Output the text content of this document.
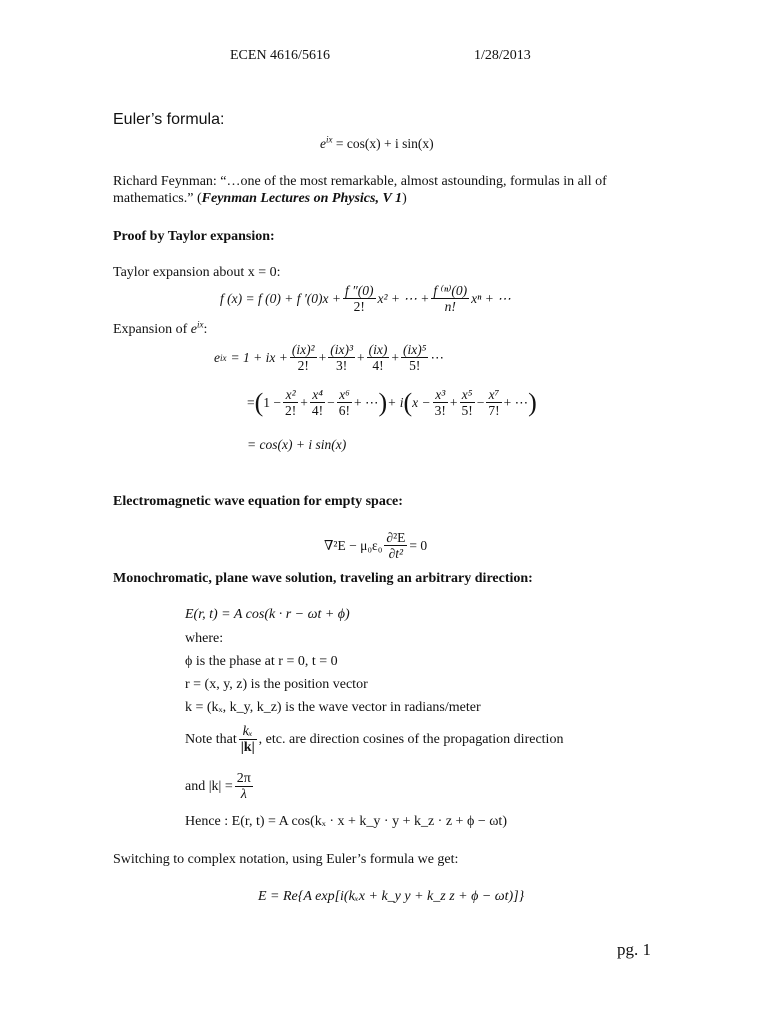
ECEN 4616/5616	1/28/2013
Euler’s formula:
$e^{ix} = \cos(x) + i$ sin(x)
Richard Feynman: “…one of the most remarkable, almost astounding, formulas in all of
mathematics.” (Feynman Lectures on Physics, V 1)
Proof by Taylor expansion:
Taylor expansion about x = 0:
f (x) = f (0) + f $'(0)x + \frac{f ''(0)}{2!} x^2$ + ⋯ + $\frac{\text{f ⁽ⁿ⁾(0)}}{n!}$ xⁿ + ⋯
Expansion of $e^{ix}$:
e ix = 1 + ix + $\frac{\text{(ix)²}}{2!} + \frac{\text{(ix)³}}{3!} + \frac{(ix)}{4!} + \frac{\text{(ix)⁵}}{5!}$ ⋯
= ( $1 - \frac{\text{x²}}{2!} + \frac{\text{x⁴}}{4!} - \frac{\text{x⁶}}{6!}$ + ⋯ ) + i ( $x - \frac{\text{x³}}{3!} + \frac{\text{x⁵}}{5!} - \frac{\text{x⁷}}{7!}$ + ⋯ )
= cos(x) + i sin(x)
Electromagnetic wave equation for empty space:
$\nabla^2E - \mu_0\varepsilon_0 \frac{\text{∂²E}}{\text{∂t²}} = 0$
Monochromatic, plane wave solution, traveling an arbitrary direction:
E(r, t) = A cos(k · r − ωt + ϕ)
where:
ϕ is the phase at r = 0, t = 0
r = (x, y, z) is the position vector
k = (kₓ, k_y, k_z) is the wave vector in radians/meter
Note that $\frac{\text{kₓ}}{|k|}$ , etc. are direction cosines of the propagation direction
and $|k| = \frac{2\pi}{\lambda}$
Hence : E(r, t) = A cos(kₓ · x + k_y · y + k_z · z + ϕ − ωt)
Switching to complex notation, using Euler’s formula we get:
E = Re{A exp[i(kₓx + k_y y + k_z z + ϕ − ωt)]}
pg. 1
